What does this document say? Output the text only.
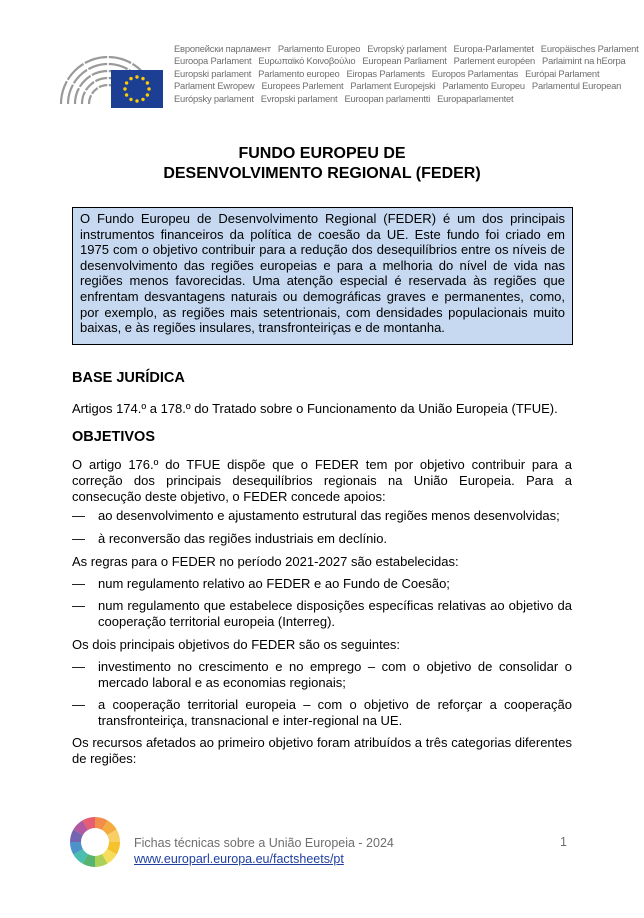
Европейски парламент Parlamento Europeo Evropský parlament Europa-Parlamentet Europäisches Parlament
Euroopa Parlament Ευρωπαϊκό Κοινοβούλιο European Parliament Parlement européen Parlaimint na hEorpa
Europski parlament Parlamento europeo Eiropas Parlaments Europos Parlamentas Európai Parlament
Parlament Ewropew Europees Parlement Parlament Europejski Parlamento Europeu Parlamentul European
Európsky parlament Evropski parlament Euroopan parlamentti Europaparlamentet
FUNDO EUROPEU DE
DESENVOLVIMENTO REGIONAL (FEDER)
O Fundo Europeu de Desenvolvimento Regional (FEDER) é um dos principais instrumentos financeiros da política de coesão da UE. Este fundo foi criado em 1975 com o objetivo contribuir para a redução dos desequilíbrios entre os níveis de desenvolvimento das regiões europeias e para a melhoria do nível de vida nas regiões menos favorecidas. Uma atenção especial é reservada às regiões que enfrentam desvantagens naturais ou demográficas graves e permanentes, como, por exemplo, as regiões mais setentrionais, com densidades populacionais muito baixas, e às regiões insulares, transfronteiriças e de montanha.
BASE JURÍDICA
Artigos 174.º a 178.º do Tratado sobre o Funcionamento da União Europeia (TFUE).
OBJETIVOS
O artigo 176.º do TFUE dispõe que o FEDER tem por objetivo contribuir para a correção dos principais desequilíbrios regionais na União Europeia. Para a consecução deste objetivo, o FEDER concede apoios:
— ao desenvolvimento e ajustamento estrutural das regiões menos desenvolvidas;
— à reconversão das regiões industriais em declínio.
As regras para o FEDER no período 2021-2027 são estabelecidas:
— num regulamento relativo ao FEDER e ao Fundo de Coesão;
— num regulamento que estabelece disposições específicas relativas ao objetivo da cooperação territorial europeia (Interreg).
Os dois principais objetivos do FEDER são os seguintes:
— investimento no crescimento e no emprego – com o objetivo de consolidar o mercado laboral e as economias regionais;
— a cooperação territorial europeia – com o objetivo de reforçar a cooperação transfronteiriça, transnacional e inter-regional na UE.
Os recursos afetados ao primeiro objetivo foram atribuídos a três categorias diferentes de regiões:
Fichas técnicas sobre a União Europeia - 2024
www.europarl.europa.eu/factsheets/pt
1
